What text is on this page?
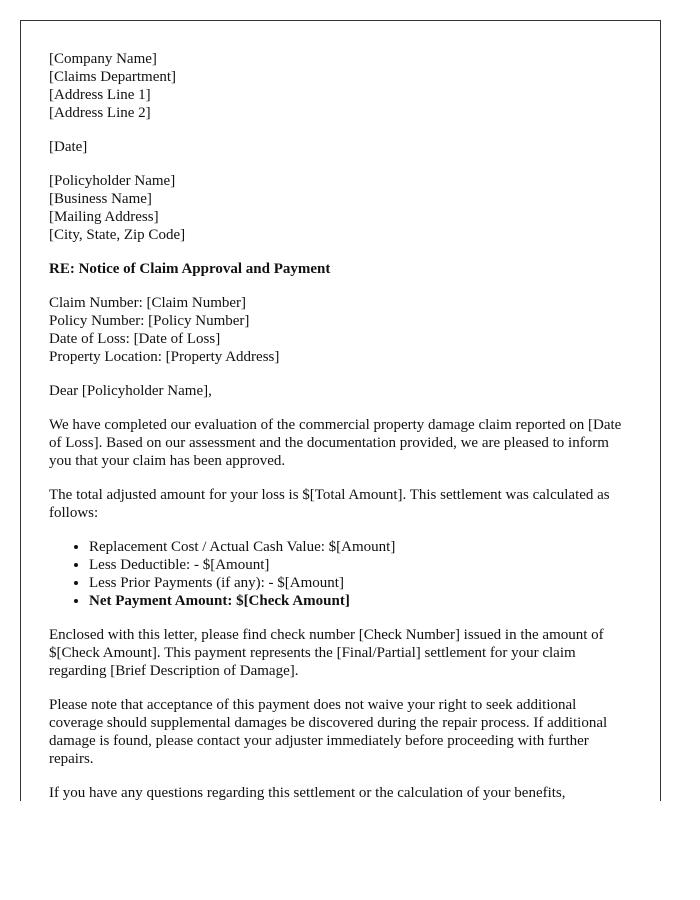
[Company Name]
[Claims Department]
[Address Line 1]
[Address Line 2]

[Date]

[Policyholder Name]
[Business Name]
[Mailing Address]
[City, State, Zip Code]

RE: Notice of Claim Approval and Payment

Claim Number: [Claim Number]
Policy Number: [Policy Number]
Date of Loss: [Date of Loss]
Property Location: [Property Address]

Dear [Policyholder Name],

We have completed our evaluation of the commercial property damage claim reported on [Date of Loss]. Based on our assessment and the documentation provided, we are pleased to inform you that your claim has been approved.

The total adjusted amount for your loss is $[Total Amount]. This settlement was calculated as follows:

• Replacement Cost / Actual Cash Value: $[Amount]
• Less Deductible: - $[Amount]
• Less Prior Payments (if any): - $[Amount]
• Net Payment Amount: $[Check Amount]

Enclosed with this letter, please find check number [Check Number] issued in the amount of $[Check Amount]. This payment represents the [Final/Partial] settlement for your claim regarding [Brief Description of Damage].

Please note that acceptance of this payment does not waive your right to seek additional coverage should supplemental damages be discovered during the repair process. If additional damage is found, please contact your adjuster immediately before proceeding with further repairs.

If you have any questions regarding this settlement or the calculation of your benefits,
